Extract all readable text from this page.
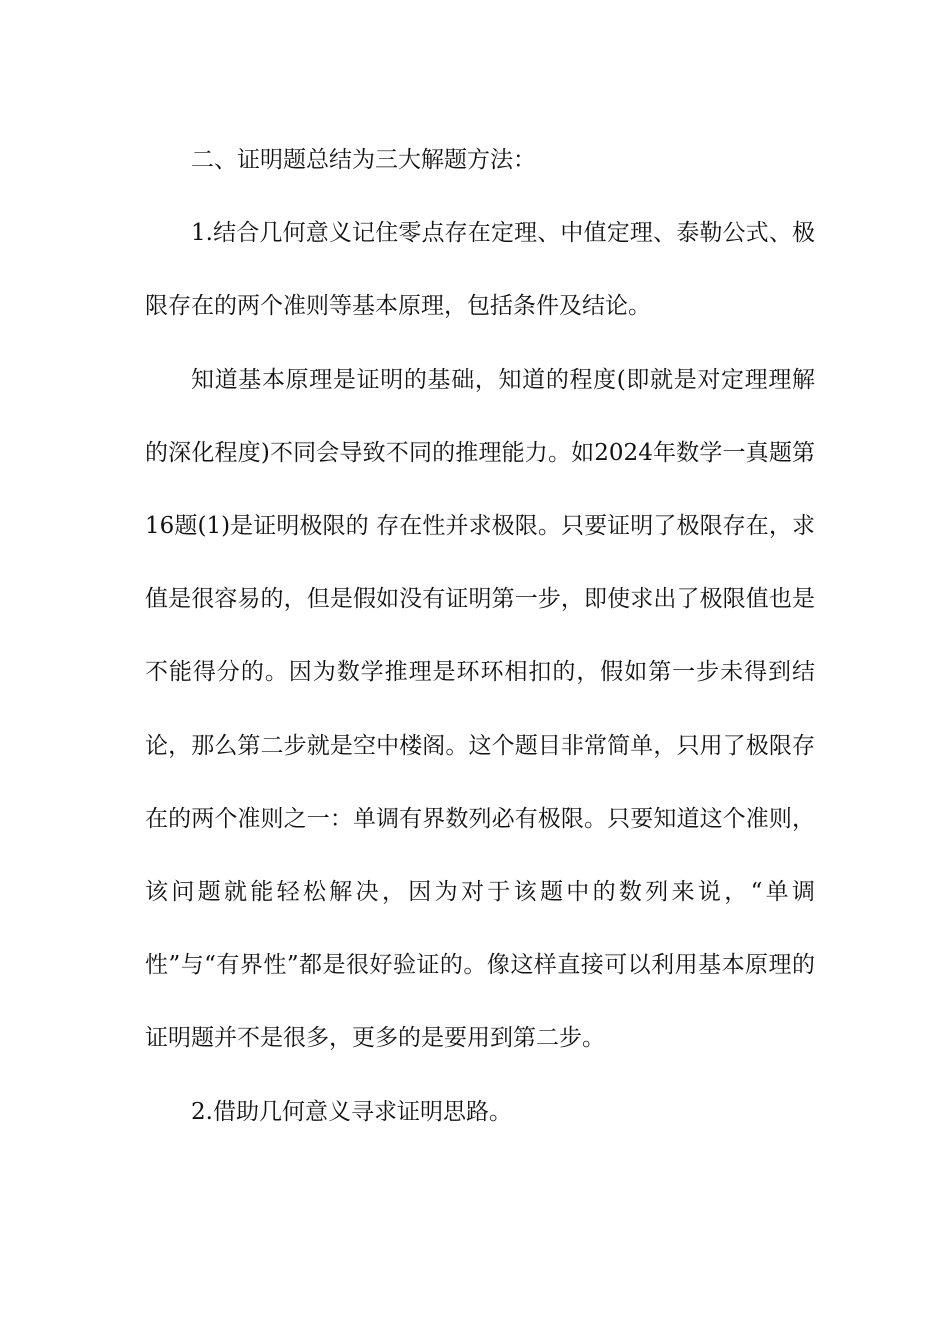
二、证明题总结为三大解题方法：

1.结合几何意义记住零点存在定理、中值定理、泰勒公式、极限存在的两个准则等基本原理，包括条件及结论。

知道基本原理是证明的基础，知道的程度(即就是对定理理解的深化程度)不同会导致不同的推理能力。如2024年数学一真题第16题(1)是证明极限的 存在性并求极限。只要证明了极限存在，求值是很容易的，但是假如没有证明第一步，即使求出了极限值也是不能得分的。因为数学推理是环环相扣的，假如第一步未得到结论，那么第二步就是空中楼阁。这个题目非常简单，只用了极限存在的两个准则之一：单调有界数列必有极限。只要知道这个准则，该问题就能轻松解决，因为对于该题中的数列来说，“单调性”与“有界性”都是很好验证的。像这样直接可以利用基本原理的证明题并不是很多，更多的是要用到第二步。

2.借助几何意义寻求证明思路。
